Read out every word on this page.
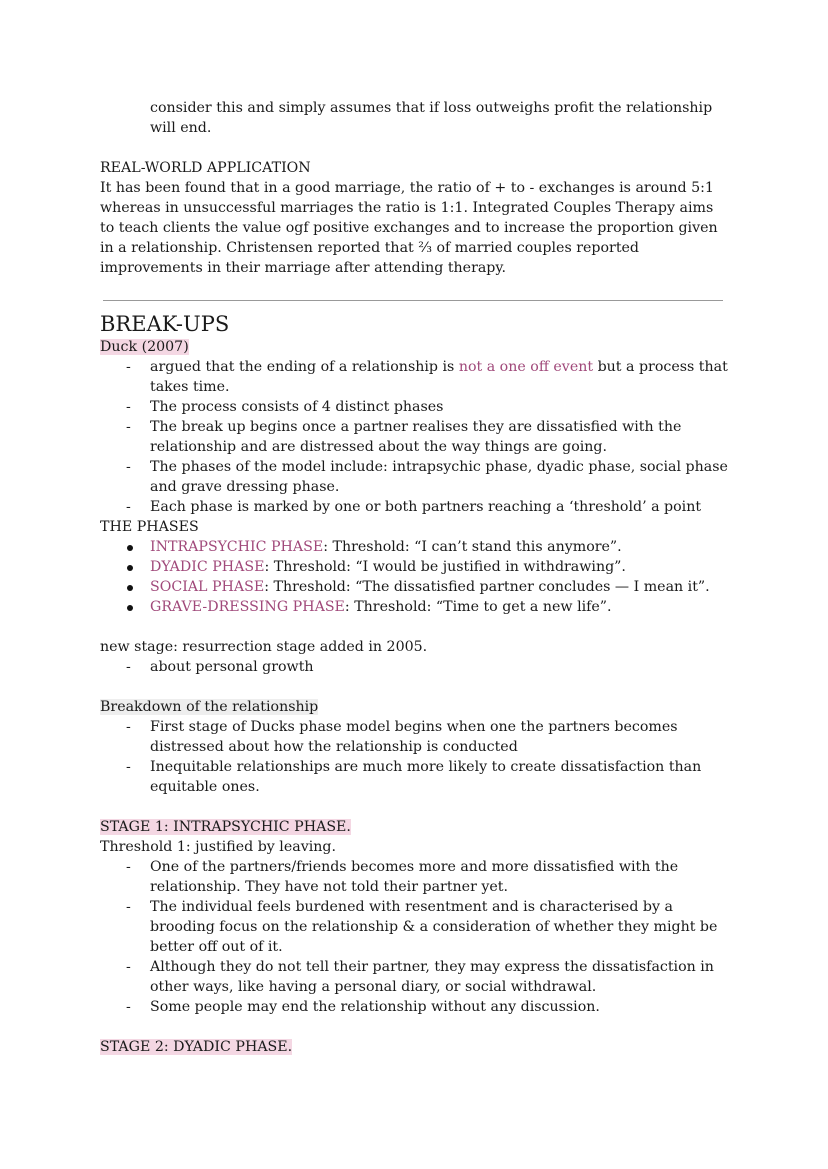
consider this and simply assumes that if loss outweighs profit the relationship will end.

REAL-WORLD APPLICATION

It has been found that in a good marriage, the ratio of + to - exchanges is around 5:1 whereas in unsuccessful marriages the ratio is 1:1. Integrated Couples Therapy aims to teach clients the value ogf positive exchanges and to increase the proportion given in a relationship. Christensen reported that ⅔ of married couples reported improvements in their marriage after attending therapy.

BREAK-UPS

Duck (2007)

- argued that the ending of a relationship is not a one off event but a process that takes time.
- The process consists of 4 distinct phases
- The break up begins once a partner realises they are dissatisfied with the relationship and are distressed about the way things are going.
- The phases of the model include: intrapsychic phase, dyadic phase, social phase and grave dressing phase.
- Each phase is marked by one or both partners reaching a ‘threshold’ a point

THE PHASES

INTRAPSYCHIC PHASE: Threshold: “I can’t stand this anymore”.
DYADIC PHASE: Threshold: “I would be justified in withdrawing”.
SOCIAL PHASE: Threshold: “The dissatisfied partner concludes — I mean it”.
GRAVE-DRESSING PHASE: Threshold: “Time to get a new life”.

new stage: resurrection stage added in 2005.

- about personal growth

Breakdown of the relationship

- First stage of Ducks phase model begins when one the partners becomes distressed about how the relationship is conducted
- Inequitable relationships are much more likely to create dissatisfaction than equitable ones.

STAGE 1: INTRAPSYCHIC PHASE.

Threshold 1: justified by leaving.

- One of the partners/friends becomes more and more dissatisfied with the relationship. They have not told their partner yet.
- The individual feels burdened with resentment and is characterised by a brooding focus on the relationship & a consideration of whether they might be better off out of it.
- Although they do not tell their partner, they may express the dissatisfaction in other ways, like having a personal diary, or social withdrawal.
- Some people may end the relationship without any discussion.

STAGE 2: DYADIC PHASE.
